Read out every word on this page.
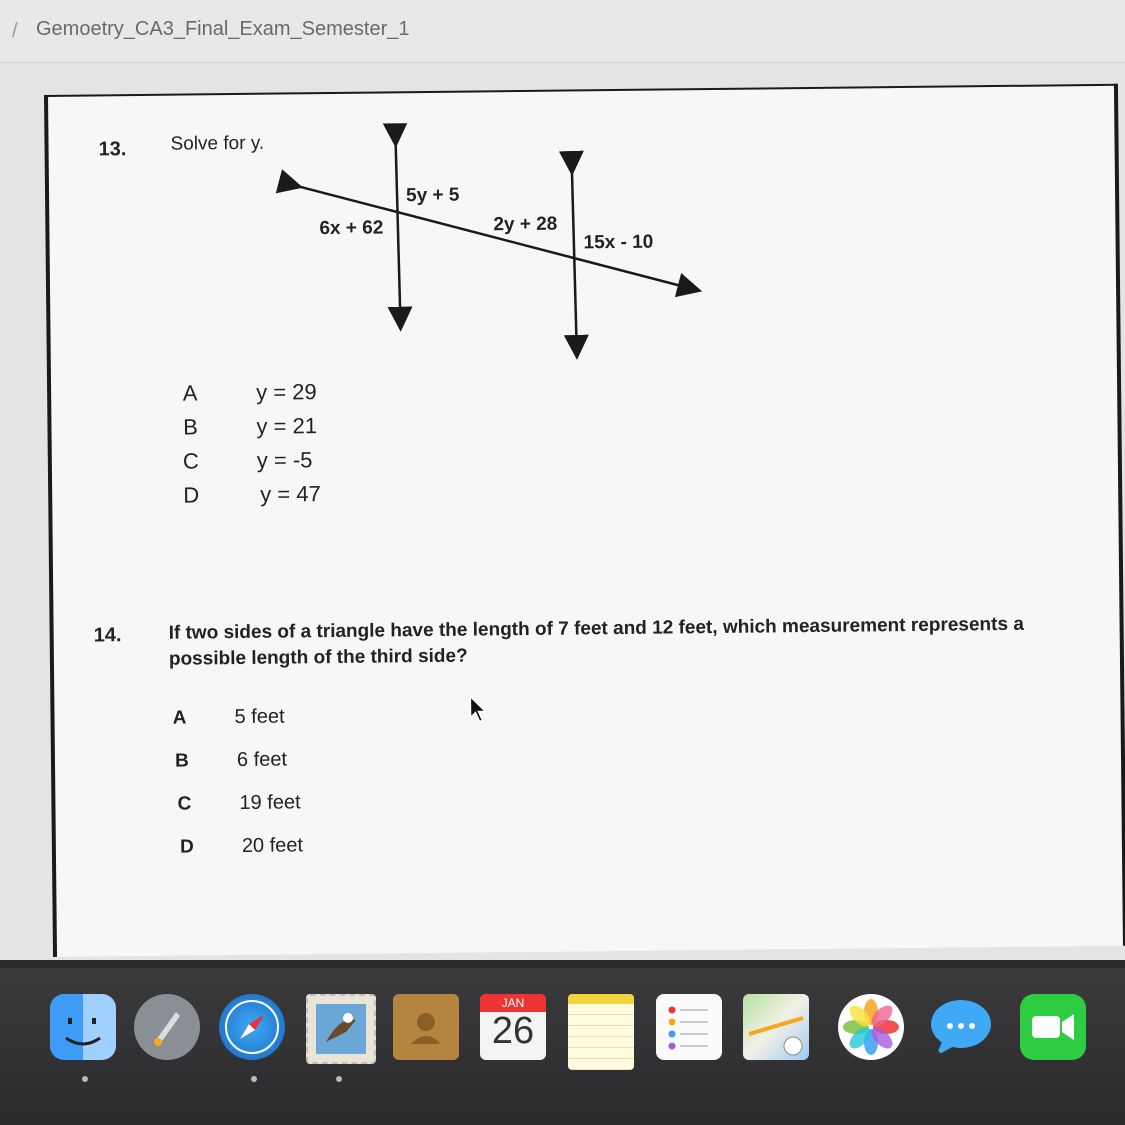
/ Gemoetry_CA3_Final_Exam_Semester_1
13. Solve for y.
5y + 5
6x + 62	2y + 28
15x - 10
A	y = 29
B	y = 21
C	y = -5
D	y = 47
14. If two sides of a triangle have the length of 7 feet and 12 feet, which measurement represents a possible length of the third side?
A	5 feet
B	6 feet
C	19 feet
D	20 feet
JAN
26
